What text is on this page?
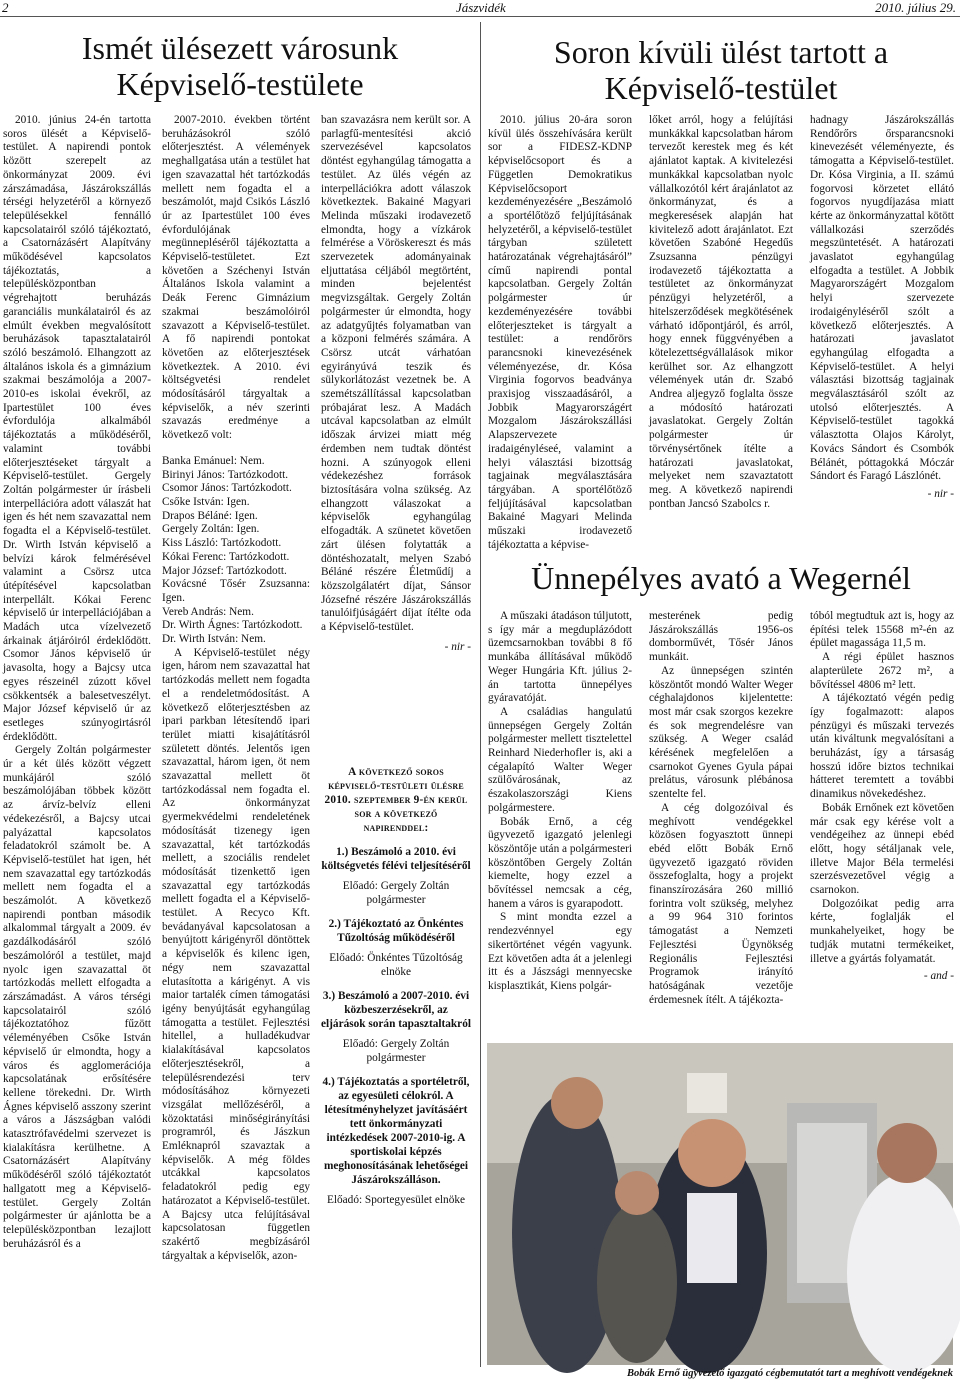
2	Jászvidék	2010. július 29.
Ismét ülésezett városunk Képviselő-testülete

2010. június 24-én tartotta soros ülését a Képviselő-testület. A napirendi pontok között szerepelt az önkormányzat 2009. évi zárszámadása, Jászárokszállás térségi helyzetéről a környező településekkel fennálló kapcsolatairól szóló tájékoztató, a Csatornázásért Alapítvány működésével kapcsolatos tájékoztatás, a településközpontban végrehajtott beruházás garanciális munkálatairól és az elmúlt években megvalósított beruházások tapasztalatairól szóló beszámoló. Elhangzott az általános iskola és a gimnázium szakmai beszámolója a 2007-2010-es iskolai évekről, az Ipartestület 100 éves évfordulója alkalmából tájékoztatás a működéséről, valamint további előterjesztéseket tárgyalt a Képviselő-testület. Gergely Zoltán polgármester úr írásbeli interpellációra adott válaszát hat igen és hét nem szavazattal nem fogadta el a Képviselő-testület. Dr. Wirth István képviselő a belvízi károk felmérésével valamint a Csörsz utca útépítésével kapcsolatban interpellált. Kókai Ferenc képviselő úr interpellációjában a Madách utca vízelvezető árkainak átjáróiról érdeklődött. Csomor János képviselő úr javasolta, hogy a Bajcsy utca egyes részeinél zúzott kővel csökkentsék a balesetveszélyt. Major József képviselő úr az esetleges szúnyogirtásról érdeklődött.

Gergely Zoltán polgármester úr a két ülés között végzett munkájáról szóló beszámolójában többek között az árvíz-belvíz elleni védekezésről, a Bajcsy utcai palyázattal kapcsolatos feladatokról számolt be. A Képviselő-testület hat igen, hét nem szavazattal egy tartózkodás mellett nem fogadta el a beszámolót. A következő napirendi pontban második alkalommal tárgyalt a 2009. év gazdálkodásáról szóló beszámolóról a testület, majd nyolc igen szavazattal öt tartózkodás mellett elfogadta a zárszámadást. A város térségi kapcsolatairól szóló tájékoztatóhoz fűzött véleményében Csőke István képviselő úr elmondta, hogy a város és agglomerációja kapcsolatának erősítésére kellene törekedni. Dr. Wirth Ágnes képviselő asszony szerint a város a Jászságban valódi katasztrófavédelmi szervezet is kialakításra kerülhetne. A Csatornázásért Alapítvány működéséről szóló tájékoztatót hallgatott meg a Képviselő-testület. Gergely Zoltán polgármester úr ajánlotta be a településközpontban lezajlott beruházásról és a

2007-2010. években történt beruházásokról szóló előterjesztést. A vélemények meghallgatása után a testület hat igen szavazattal hét tartózkodás mellett nem fogadta el a beszámolót, majd Csikós László úr az Ipartestület 100 éves évfordulójának megünnepléséről tájékoztatta a Képviselő-testületet. Ezt követően a Széchenyi István Általános Iskola valamint a Deák Ferenc Gimnázium szakmai beszámolóiról szavazott a Képviselő-testület. A fő napirendi pontokat követően az előterjesztések következtek. A 2010. évi költségvetési rendelet módosításáról tárgyaltak a képviselők, a név szerinti szavazás eredménye a következő volt:

Banka Emánuel: Nem.
Birinyi János: Tartózkodott.
Csomor János: Tartózkodott.
Csőke István: Igen.
Drapos Béláné: Igen.
Gergely Zoltán: Igen.
Kiss László: Tartózkodott.
Kókai Ferenc: Tartózkodott.
Major József: Tartózkodott.
Kovácsné Tősér Zsuzsanna: Igen.
Vereb András: Nem.
Dr. Wirth Ágnes: Tartózkodott.
Dr. Wirth István: Nem.

A Képviselő-testület négy igen, három nem szavazattal hat tartózkodás mellett nem fogadta el a rendeletmódosítást. A következő előterjesztésben az ipari parkban létesítendő ipari terület miatti kisajátításról született döntés. Jelentős igen szavazattal, három igen, öt nem szavazattal mellett öt tartózkodással nem fogadta el. Az önkormányzat gyermekvédelmi rendeletének módosítását tizenegy igen szavazattal, két tartózkodás mellett, a szociális rendelet módosítását tizenkettő igen szavazattal egy tartózkodás mellett fogadta el a Képviselő-testület. A Recyco Kft. bevádanyával kapcsolatosan a benyújtott kárigényről döntöttek a képviselők és kilenc igen, négy nem szavazattal elutasította a kárigényt. A vis maior tartalék címen támogatási igény benyújtását egyhangúlag támogatta a testület. Fejlesztési hitellel, a hulladékudvar kialakításával kapcsolatos előterjesztésekről, a településrendezési terv módosításához környezeti vizsgálat mellőzéséről, a közoktatási minőségirányítási programról, és Jászkun Emléknapról szavaztak a képviselők. A még földes utcákkal kapcsolatos feladatokról pedig egy határozatot a Képviselő-testület. A Bajcsy utca felújításával kapcsolatosan független szakértő megbízásáról tárgyaltak a képviselők, azon-

ban szavazásra nem került sor. A parlagfű-mentesítési akció szervezésével kapcsolatos döntést egyhangúlag támogatta a testület. Az ülés végén az interpellációkra adott válaszok következtek. Bakainé Magyari Melinda műszaki irodavezető elmondta, hogy a vízkárok felmérése a Vöröskereszt és más szervezetek adományainak eljuttatása céljából megtörtént, minden bejelentést megvizsgáltak. Gergely Zoltán polgármester úr elmondta, hogy az adatgyűjtés folyamatban van a közponi felmérés számára. A Csörsz utcát várhatóan egyirányúvá teszik és sülykorlátozást vezetnek be. A szemétszállítással kapcsolatban próbajárat lesz. A Madách utcával kapcsolatban az elmúlt időszak árvizei miatt még érdemben nem tudtak döntést hozni. A szúnyogok elleni védekezéshez források biztosítására volna szükség. Az elhangzott válaszokat a képviselők egyhangúlag elfogadták. A szünetet követően zárt ülésen folytatták a döntéshozatalt, melyen Szabó Béláné részére Életműdíj a közszolgálatért díjat, Sánsor Józsefné részére Jászárokszállás tanulóifjúságáért díjat ítélte oda a Képviselő-testület.

- nir -
A következő soros képviselő-testületi ülésre 2010. szeptember 9-én kerül sor a következő napirenddel:
1.) Beszámoló a 2010. évi költségvetés félévi teljesítéséről
Előadó: Gergely Zoltán polgármester
2.) Tájékoztató az Önkéntes Tűzoltóság működéséről
Előadó: Önkéntes Tűzoltóság elnöke
3.) Beszámoló a 2007-2010. évi közbeszerzésekről, az eljárások során tapasztaltakról
Előadó: Gergely Zoltán polgármester
4.) Tájékoztatás a sportéletről, az egyesületi célokról. A létesítményhelyzet javításáért tett önkormányzati intézkedések 2007-2010-ig. A sportiskolai képzés meghonosításának lehetőségei Jászárokszálláson.
Előadó: Sportegyesület elnöke
Soron kívüli ülést tartott a Képviselő-testület

2010. július 20-ára soron kívül ülés összehívására került sor a FIDESZ-KDNP képviselőcsoport és a Független Demokratikus Képviselőcsoport kezdeményezésére „Beszámoló a sportélőtöző feljújításának helyzetéről, a képviselő-testület tárgyban született határozatának végrehajtásáról” című napirendi pontal kapcsolatban. Gergely Zoltán polgármester úr kezdeményezésére további előterjeszteket is tárgyalt a testület: a rendőrörs parancsnoki kinevezésének véleményezése, dr. Kósa Virginia fogorvos beadványa praxisjog visszaadásáról, a Jobbik Magyarországért Mozgalom Jászárokszállási Alapszervezete iradaigényléseé, valamint a helyi választási bizottság tagjainak megválasztására tárgyában. A sportélőtöző feljújításával kapcsolatban Bakainé Magyari Melinda műszaki irodavezető tájékoztatta a képvise-

lőket arról, hogy a felújítási munkákkal kapcsolatban három tervezőt kerestek meg és két ajánlatot kaptak. A kivitelezési munkákkal kapcsolatban nyolc vállalkozótól kért árajánlatot az önkormányzat, és a megkeresések alapján hat kivitelező adott árajánlatot. Ezt követően Szabóné Hegedűs Zsuzsanna pénzügyi irodavezető tájékoztatta a testületet az önkormányzat pénzügyi helyzetéről, a hitelszerződések megkötésének várható időpontjáról, és arról, hogy ennek függvényében a kötelezettségvállalások mikor kerülhet sor. Az elhangzott vélemények után dr. Szabó Andrea aljegyző foglalta össze a módosító határozati javaslatokat. Gergely Zoltán polgármester úr törvénysértőnek ítélte a határozati javaslatokat, melyeket nem szavaztatott meg. A következő napirendi pontban Jancsó Szabolcs r.

hadnagy Jászárokszállás Rendőrőrs őrsparancsnoki kinevezését véleményezte, és támogatta a Képviselő-testület. Dr. Kósa Virginia, a II. számú fogorvosi körzetet ellátó fogorvos nyugdíjazása miatt kérte az önkormányzattal kötött vállalkozási szerződés megszüntetését. A határozati javaslatot egyhangúlag elfogadta a testület. A Jobbik Magyarországért Mozgalom helyi szervezete irodaigényléséről szólt a következő előterjesztés. A határozati javaslatot egyhangúlag elfogadta a Képviselő-testület. A helyi választási bizottság tagjainak megválasztásáról szólt az utolsó előterjesztés. A Képviselő-testület tagokká választotta Olajos Károlyt, Kovács Sándort és Csombók Bélánét, póttagokká Móczár Sándort és Faragó Lászlónét.

- nir -
Ünnepélyes avató a Wegernél

A műszaki átadáson túljutott, s így már a megduplázódott üzemcsarnokban további 8 fő munkába állításával működő Weger Hungária Kft. július 2-án tartotta ünnepélyes gyáravatóját.

A családias hangulatú ünnepségen Gergely Zoltán polgármester mellett tisztelettel Reinhard Niederhofler is, aki a cégalapító Walter Weger szülővárosának, az északolaszországi Kiens polgármestere.

Bobák Ernő, a cég ügyvezető igazgató jelenlegi köszöntője után a polgármesteri köszöntőben Gergely Zoltán kiemelte, hogy ezzel a bővítéssel nemcsak a cég, hanem a város is gyarapodott.

S mint mondta ezzel a rendezvénnyel egy sikertörténet végén vagyunk. Ezt követően adta át a jelenlegi itt és a Jászsági mennyecske kisplasztikát, Kiens polgár-

mesterének pedig Jászárokszállás 1956-os domborművét, Tősér János munkáit.

Az ünnepségen szintén köszöntőt mondó Walter Weger céghalajdonos kijelentette: most már csak szorgos kezekre és sok megrendelésre van szükség. A Weger család kérésének megfelelően a csarnokot Gyenes Gyula pápai prelátus, városunk plébánosa szentelte fel.

A cég dolgozóival és meghívott vendégekkel közösen fogyasztott ünnepi ebéd előtt Bobák Ernő ügyvezető igazgató röviden összefoglalta, hogy a projekt finanszírozására 260 millió forintra volt szükség, melyhez a 99 964 310 forintos támogatást a Nemzeti Fejlesztési Ügynökség Regionális Fejlesztési Programok irányító hatóságának vezetője érdemesnek ítélt. A tájékozta-

tóból megtudtuk azt is, hogy az építési telek 15568 m²-én az épület magassága 11,5 m.

A régi épület hasznos alapterülete 2672 m², a bővítéssel 4806 m² lett.

A tájékoztató végén pedig így fogalmazott: alapos pénzügyi és műszaki tervezés után kiváltunk megvalósítani a beruházást, így a társaság hosszú időre biztos technikai hátteret teremtett a további dinamikus növekedéshez.

Bobák Ernőnek ezt követően már csak egy kérése volt a vendégeihez az ünnepi ebéd előtt, hogy sétáljanak vele, illetve Major Béla termelési szerzésvezetővel végig a csarnokon.

Dolgozóikat pedig arra kérte, foglalják el munkahelyeiket, hogy be tudják mutatni termékeiket, illetve a gyártás folyamatát.

- and -
Bobák Ernő ügyvezető igazgató cégbemutatót tart a meghívott vendégeknek
